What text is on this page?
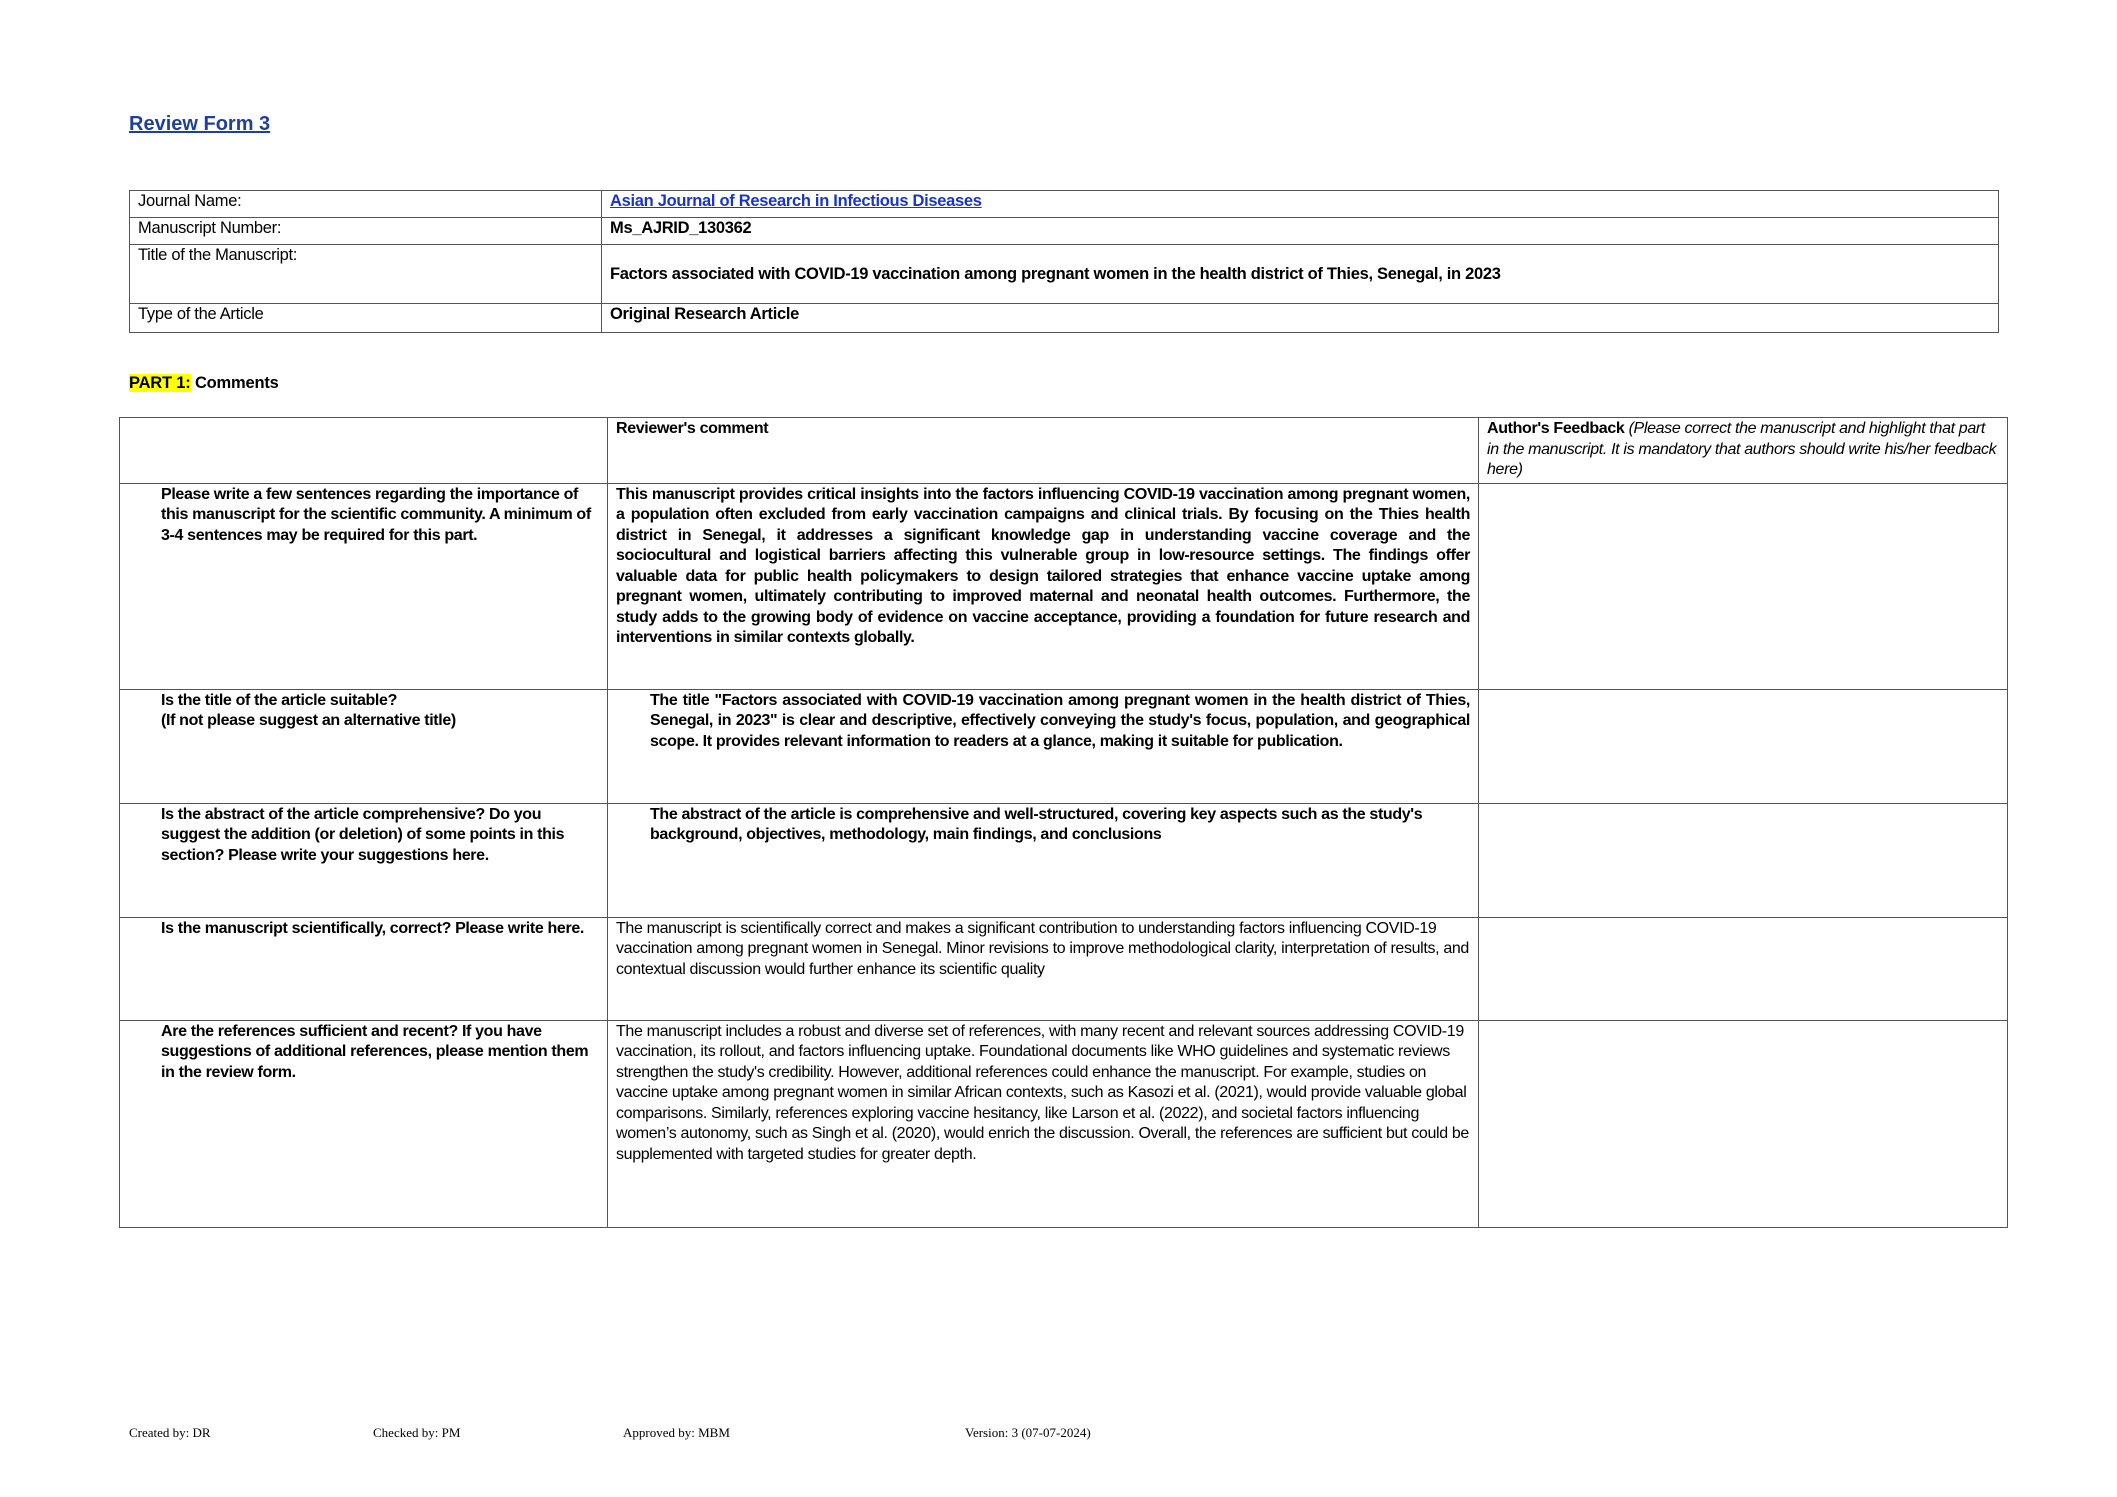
Review Form 3
Journal Name:	Asian Journal of Research in Infectious Diseases
Manuscript Number:	Ms_AJRID_130362
Title of the Manuscript:	Factors associated with COVID-19 vaccination among pregnant women in the health district of Thies, Senegal, in 2023
Type of the Article	Original Research Article
PART 1: Comments
	Reviewer's comment	Author's Feedback (Please correct the manuscript and highlight that part in the manuscript. It is mandatory that authors should write his/her feedback here)
Please write a few sentences regarding the importance of this manuscript for the scientific community. A minimum of 3-4 sentences may be required for this part.	This manuscript provides critical insights into the factors influencing COVID-19 vaccination among pregnant women, a population often excluded from early vaccination campaigns and clinical trials. By focusing on the Thies health district in Senegal, it addresses a significant knowledge gap in understanding vaccine coverage and the sociocultural and logistical barriers affecting this vulnerable group in low-resource settings. The findings offer valuable data for public health policymakers to design tailored strategies that enhance vaccine uptake among pregnant women, ultimately contributing to improved maternal and neonatal health outcomes. Furthermore, the study adds to the growing body of evidence on vaccine acceptance, providing a foundation for future research and interventions in similar contexts globally.	
Is the title of the article suitable?
(If not please suggest an alternative title)	The title "Factors associated with COVID-19 vaccination among pregnant women in the health district of Thies, Senegal, in 2023" is clear and descriptive, effectively conveying the study's focus, population, and geographical scope. It provides relevant information to readers at a glance, making it suitable for publication.	
Is the abstract of the article comprehensive? Do you suggest the addition (or deletion) of some points in this section? Please write your suggestions here.	The abstract of the article is comprehensive and well-structured, covering key aspects such as the study's background, objectives, methodology, main findings, and conclusions	
Is the manuscript scientifically, correct? Please write here.	The manuscript is scientifically correct and makes a significant contribution to understanding factors influencing COVID-19 vaccination among pregnant women in Senegal. Minor revisions to improve methodological clarity, interpretation of results, and contextual discussion would further enhance its scientific quality	
Are the references sufficient and recent? If you have suggestions of additional references, please mention them in the review form.	The manuscript includes a robust and diverse set of references, with many recent and relevant sources addressing COVID-19 vaccination, its rollout, and factors influencing uptake. Foundational documents like WHO guidelines and systematic reviews strengthen the study's credibility. However, additional references could enhance the manuscript. For example, studies on vaccine uptake among pregnant women in similar African contexts, such as Kasozi et al. (2021), would provide valuable global comparisons. Similarly, references exploring vaccine hesitancy, like Larson et al. (2022), and societal factors influencing women’s autonomy, such as Singh et al. (2020), would enrich the discussion. Overall, the references are sufficient but could be supplemented with targeted studies for greater depth.	
Created by: DR	Checked by: PM	Approved by: MBM	Version: 3 (07-07-2024)
